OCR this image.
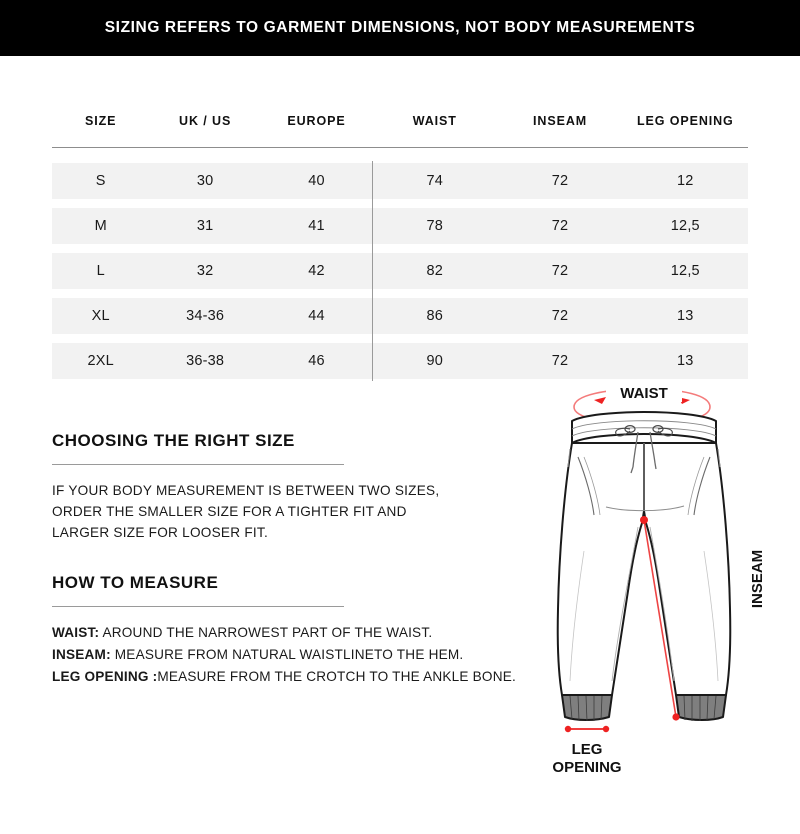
SIZING REFERS TO GARMENT DIMENSIONS, NOT BODY MEASUREMENTS
SIZE	UK / US	EUROPE	WAIST	INSEAM	LEG OPENING
S	30	40	74	72	12
M	31	41	78	72	12,5
L	32	42	82	72	12,5
XL	34-36	44	86	72	13
2XL	36-38	46	90	72	13
CHOOSING THE RIGHT SIZE
IF YOUR BODY MEASUREMENT IS BETWEEN TWO SIZES,
ORDER THE SMALLER SIZE FOR A TIGHTER FIT AND
LARGER SIZE FOR LOOSER FIT.
HOW TO MEASURE
WAIST: AROUND THE NARROWEST PART OF THE WAIST.
INSEAM: MEASURE FROM NATURAL WAISTLINETO THE HEM.
LEG OPENING :MEASURE FROM THE CROTCH TO THE ANKLE BONE.
WAIST
INSEAM
LEG
OPENING
